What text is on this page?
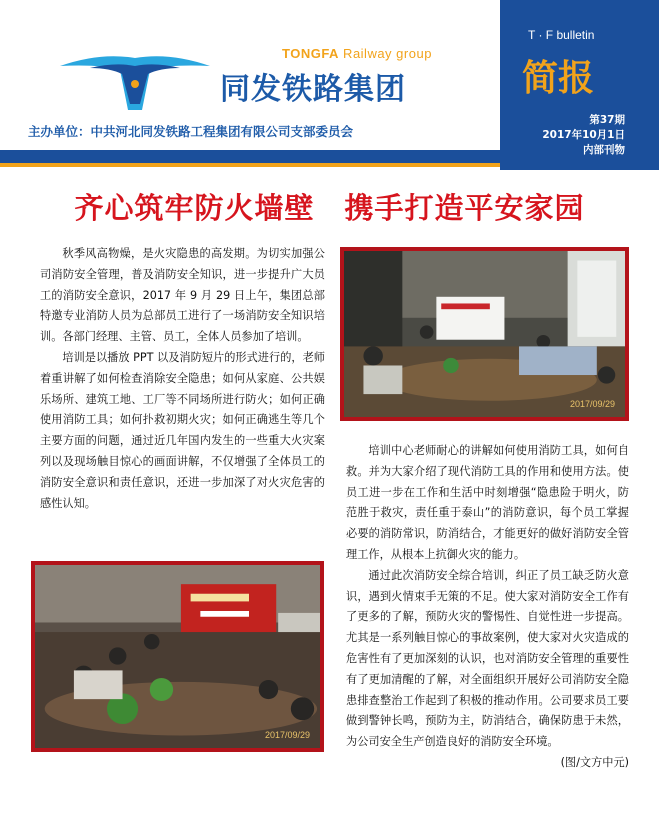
TONGFA Railway group
同发铁路集团
主办单位：中共河北同发铁路工程集团有限公司支部委员会
T · F bulletin
简报
第37期
2017年10月1日
内部刊物
齐心筑牢防火墙壁　携手打造平安家园

秋季风高物燥，是火灾隐患的高发期。为切实加强公司消防安全管理，普及消防安全知识，进一步提升广大员工的消防安全意识，2017 年 9 月 29 日上午，集团总部特邀专业消防人员为总部员工进行了一场消防安全知识培训。各部门经理、主管、员工，全体人员参加了培训。

培训是以播放 PPT 以及消防短片的形式进行的，老师着重讲解了如何检查消除安全隐患；如何从家庭、公共娱乐场所、建筑工地、工厂等不同场所进行防火；如何正确使用消防工具；如何扑救初期火灾；如何正确逃生等几个主要方面的问题，通过近几年国内发生的一些重大火灾案列以及现场触目惊心的画面讲解，不仅增强了全体员工的消防安全意识和责任意识，还进一步加深了对火灾危害的感性认知。

2017/09/29
2017/09/29

培训中心老师耐心的讲解如何使用消防工具，如何自救。并为大家介绍了现代消防工具的作用和使用方法。使员工进一步在工作和生活中时刻增强“隐患险于明火，防范胜于救灾，责任重于泰山”的消防意识，每个员工掌握必要的消防常识，防消结合，才能更好的做好消防安全管理工作，从根本上抗御火灾的能力。

通过此次消防安全综合培训，纠正了员工缺乏防火意识，遇到火情束手无策的不足。使大家对消防安全工作有了更多的了解，预防火灾的警惕性、自觉性进一步提高。尤其是一系列触目惊心的事故案例，使大家对火灾造成的危害性有了更加深刻的认识，也对消防安全管理的重要性有了更加清醒的了解，对全面组织开展好公司消防安全隐患排查整治工作起到了积极的推动作用。公司要求员工要做到警钟长鸣，预防为主，防消结合，确保防患于未然，为公司安全生产创造良好的消防安全环境。

(图/文方中元)
